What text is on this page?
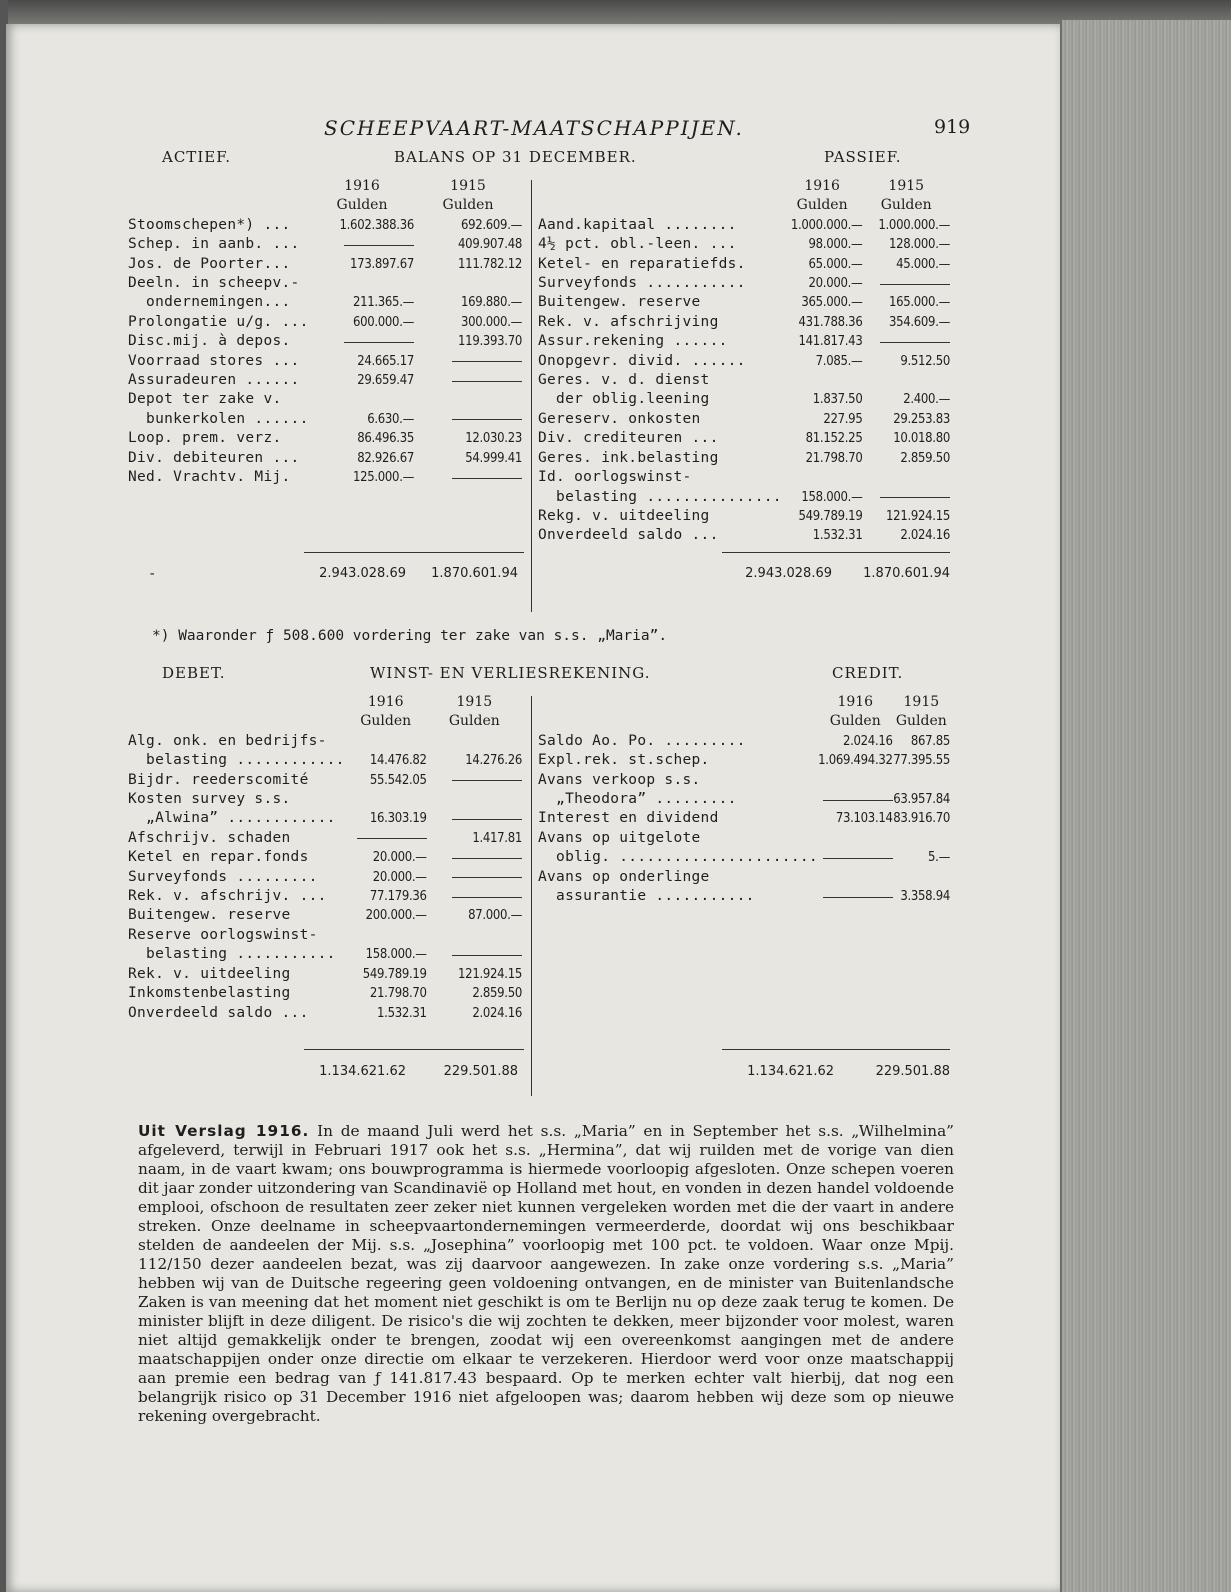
SCHEEPVAART-MAATSCHAPPIJEN.	919
ACTIEF.	BALANS OP 31 DECEMBER.	PASSIEF.
	1916	1915
	Gulden	Gulden
Stoomschepen*) ...	1.602.388.36	692.609.—
Schep. in aanb. ...		409.907.48
Jos. de Poorter...	173.897.67	111.782.12
Deeln. in scheepv.-		
ondernemingen...	211.365.—	169.880.—
Prolongatie u/g. ...	600.000.—	300.000.—
Disc.mij. à depos.		119.393.70
Voorraad stores ...	24.665.17	
Assuradeuren ......	29.659.47	
Depot ter zake v.		
bunkerkolen ......	6.630.—	
Loop. prem. verz.	86.496.35	12.030.23
Div. debiteuren ...	82.926.67	54.999.41
Ned. Vrachtv. Mij.	125.000.—	
	1916	1915
	Gulden	Gulden
Aand.kapitaal ........	1.000.000.—	1.000.000.—
4½ pct. obl.-leen. ...	98.000.—	128.000.—
Ketel- en reparatiefds.	65.000.—	45.000.—
Surveyfonds ...........	20.000.—	
Buitengew. reserve	365.000.—	165.000.—
Rek. v. afschrijving	431.788.36	354.609.—
Assur.rekening ......	141.817.43	
Onopgevr. divid. ......	7.085.—	9.512.50
Geres. v. d. dienst		
der oblig.leening	1.837.50	2.400.—
Gereserv. onkosten	227.95	29.253.83
Div. crediteuren ...	81.152.25	10.018.80
Geres. ink.belasting	21.798.70	2.859.50
Id. oorlogswinst-		
belasting ...............	158.000.—	
Rekg. v. uitdeeling	549.789.19	121.924.15
Onverdeeld saldo ...	1.532.31	2.024.16
-	2.943.028.69	1.870.601.94	2.943.028.69	1.870.601.94
*) Waaronder ƒ 508.600 vordering ter zake van s.s. „Maria”.
DEBET.	WINST- EN VERLIESREKENING.	CREDIT.
	1916	1915
	Gulden	Gulden
Alg. onk. en bedrijfs-		
belasting ............	14.476.82	14.276.26
Bijdr. reederscomité	55.542.05	
Kosten survey s.s.		
„Alwina” ............	16.303.19	
Afschrijv. schaden		1.417.81
Ketel en repar.fonds	20.000.—	
Surveyfonds .........	20.000.—	
Rek. v. afschrijv. ...	77.179.36	
Buitengew. reserve	200.000.—	87.000.—
Reserve oorlogswinst-		
belasting ...........	158.000.—	
Rek. v. uitdeeling	549.789.19	121.924.15
Inkomstenbelasting	21.798.70	2.859.50
Onverdeeld saldo ...	1.532.31	2.024.16
	1916	1915
	Gulden	Gulden
Saldo Ao. Po. .........	2.024.16	867.85
Expl.rek. st.schep.	1.069.494.32	77.395.55
Avans verkoop s.s.		
„Theodora” .........		63.957.84
Interest en dividend	73.103.14	83.916.70
Avans op uitgelote		
oblig. ......................		5.—
Avans op onderlinge		
assurantie ...........		3.358.94
1.134.621.62	229.501.88	1.134.621.62	229.501.88
Uit Verslag 1916. In de maand Juli werd het s.s. „Maria” en in September het s.s. „Wilhelmina” afgeleverd, terwijl in Februari 1917 ook het s.s. „Hermina”, dat wij ruilden met de vorige van dien naam, in de vaart kwam; ons bouwprogramma is hiermede voorloopig afgesloten. Onze schepen voeren dit jaar zonder uitzondering van Scandinavië op Holland met hout, en vonden in dezen handel voldoende emplooi, ofschoon de resultaten zeer zeker niet kunnen vergeleken worden met die der vaart in andere streken. Onze deelname in scheepvaartondernemingen vermeerderde, doordat wij ons beschikbaar stelden de aandeelen der Mij. s.s. „Josephina” voorloopig met 100 pct. te voldoen. Waar onze Mpij. 112/150 dezer aandeelen bezat, was zij daarvoor aangewezen. In zake onze vordering s.s. „Maria” hebben wij van de Duitsche regeering geen voldoening ontvangen, en de minister van Buitenlandsche Zaken is van meening dat het moment niet geschikt is om te Berlijn nu op deze zaak terug te komen. De minister blijft in deze diligent. De risico's die wij zochten te dekken, meer bijzonder voor molest, waren niet altijd gemakkelijk onder te brengen, zoodat wij een overeenkomst aangingen met de andere maatschappijen onder onze directie om elkaar te verzekeren. Hierdoor werd voor onze maatschappij aan premie een bedrag van ƒ 141.817.43 bespaard. Op te merken echter valt hierbij, dat nog een belangrijk risico op 31 December 1916 niet afgeloopen was; daarom hebben wij deze som op nieuwe rekening overgebracht.
